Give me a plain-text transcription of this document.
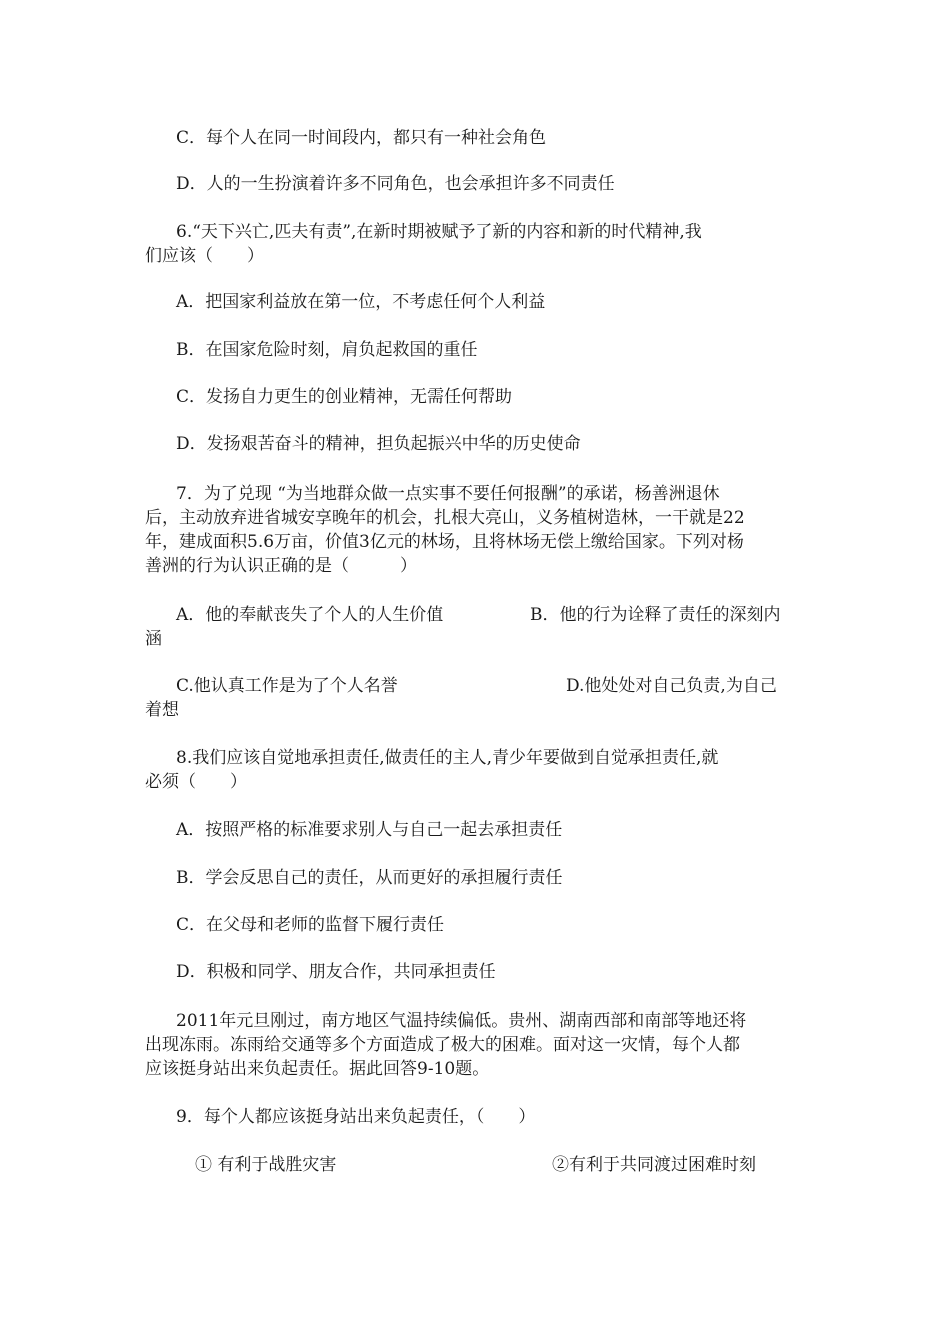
C．每个人在同一时间段内，都只有一种社会角色
D．人的一生扮演着许多不同角色，也会承担许多不同责任
6.“天下兴亡,匹夫有责”,在新时期被赋予了新的内容和新的时代精神,我
们应该（　　）
A．把国家利益放在第一位，不考虑任何个人利益
B．在国家危险时刻，肩负起救国的重任
C．发扬自力更生的创业精神，无需任何帮助
D．发扬艰苦奋斗的精神，担负起振兴中华的历史使命
7．为了兑现 “为当地群众做一点实事不要任何报酬”的承诺，杨善洲退休
后，主动放弃进省城安享晚年的机会，扎根大亮山，义务植树造林，一干就是22
年，建成面积5.6万亩，价值3亿元的林场，且将林场无偿上缴给国家。下列对杨
善洲的行为认识正确的是（　　　）
A．他的奉献丧失了个人的人生价值	B．他的行为诠释了责任的深刻内
涵
C.他认真工作是为了个人名誉	D.他处处对自己负责,为自己
着想
8.我们应该自觉地承担责任,做责任的主人,青少年要做到自觉承担责任,就
必须（　　）
A．按照严格的标准要求别人与自己一起去承担责任
B．学会反思自己的责任，从而更好的承担履行责任
C．在父母和老师的监督下履行责任
D．积极和同学、朋友合作，共同承担责任
2011年元旦刚过，南方地区气温持续偏低。贵州、湖南西部和南部等地还将
出现冻雨。冻雨给交通等多个方面造成了极大的困难。面对这一灾情，每个人都
应该挺身站出来负起责任。据此回答9-10题。
9．每个人都应该挺身站出来负起责任，（　　）
① 有利于战胜灾害	②有利于共同渡过困难时刻
